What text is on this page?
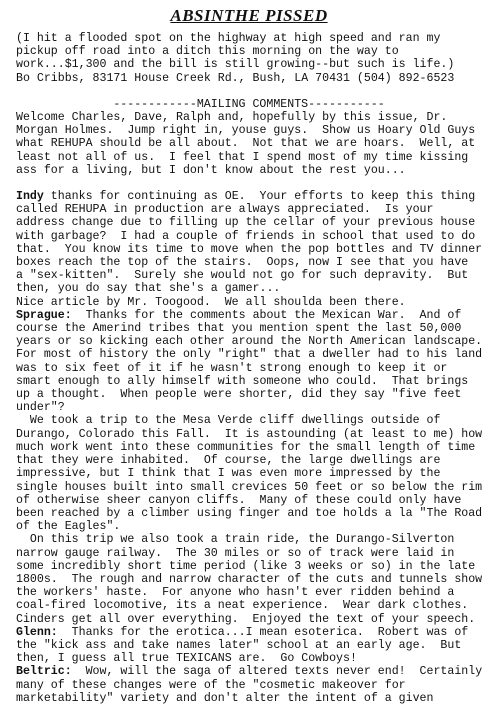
ABSINTHE PISSED
(I hit a flooded spot on the highway at high speed and ran my
pickup off road into a ditch this morning on the way to
work...$1,300 and the bill is still growing--but such is life.)
Bo Cribbs, 83171 House Creek Rd., Bush, LA 70431 (504) 892-6523
------------MAILING COMMENTS-----------
Welcome Charles, Dave, Ralph and, hopefully by this issue, Dr.
Morgan Holmes.  Jump right in, youse guys.  Show us Hoary Old Guys
what REHUPA should be all about.  Not that we are hoars.  Well, at
least not all of us.  I feel that I spend most of my time kissing
ass for a living, but I don't know about the rest you...
Indy thanks for continuing as OE.  Your efforts to keep this thing
called REHUPA in production are always appreciated.  Is your
address change due to filling up the cellar of your previous house
with garbage?  I had a couple of friends in school that used to do
that.  You know its time to move when the pop bottles and TV dinner
boxes reach the top of the stairs.  Oops, now I see that you have
a "sex-kitten".  Surely she would not go for such depravity.  But
then, you do say that she's a gamer...
Nice article by Mr. Toogood.  We all shoulda been there.
Sprague:  Thanks for the comments about the Mexican War.  And of
course the Amerind tribes that you mention spent the last 50,000
years or so kicking each other around the North American landscape.
For most of history the only "right" that a dweller had to his land
was to six feet of it if he wasn't strong enough to keep it or
smart enough to ally himself with someone who could.  That brings
up a thought.  When people were shorter, did they say "five feet
under"?
We took a trip to the Mesa Verde cliff dwellings outside of
Durango, Colorado this Fall.  It is astounding (at least to me) how
much work went into these communities for the small length of time
that they were inhabited.  Of course, the large dwellings are
impressive, but I think that I was even more impressed by the
single houses built into small crevices 50 feet or so below the rim
of otherwise sheer canyon cliffs.  Many of these could only have
been reached by a climber using finger and toe holds a la "The Road
of the Eagles".
On this trip we also took a train ride, the Durango-Silverton
narrow gauge railway.  The 30 miles or so of track were laid in
some incredibly short time period (like 3 weeks or so) in the late
1800s.  The rough and narrow character of the cuts and tunnels show
the workers' haste.  For anyone who hasn't ever ridden behind a
coal-fired locomotive, its a neat experience.  Wear dark clothes.
Cinders get all over everything.  Enjoyed the text of your speech.
Glenn:  Thanks for the erotica...I mean esoterica.  Robert was of
the "kick ass and take names later" school at an early age.  But
then, I guess all true TEXICANS are.  Go Cowboys!
Beltric:  Wow, will the saga of altered texts never end!  Certainly
many of these changes were of the "cosmetic makeover for
marketability" variety and don't alter the intent of a given
